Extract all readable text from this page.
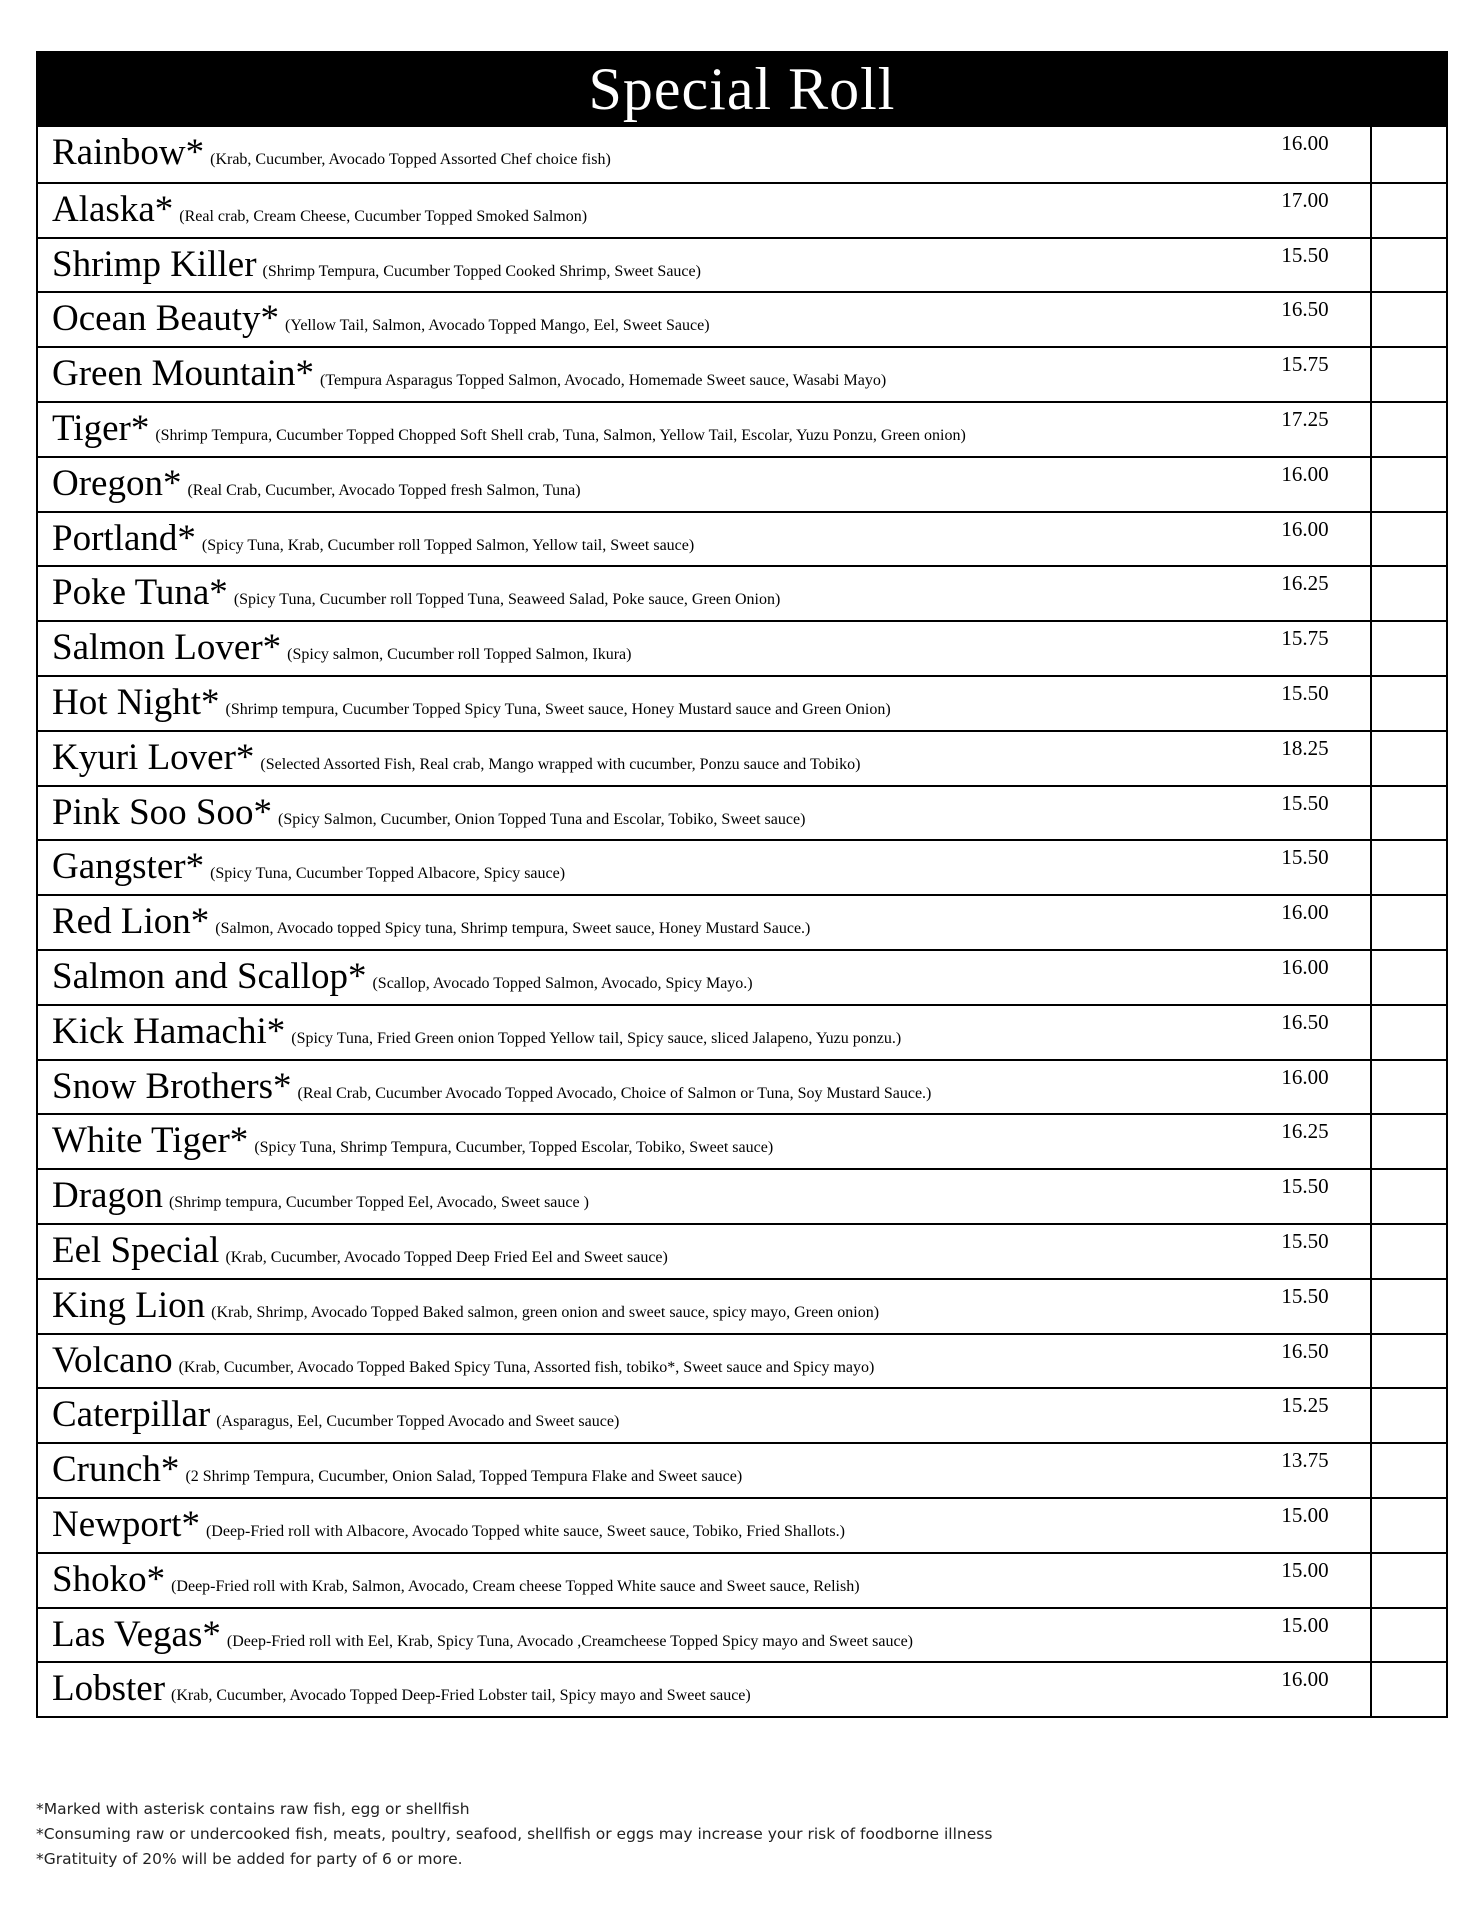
Special Roll
Rainbow* (Krab, Cucumber, Avocado Topped Assorted Chef choice fish)
16.00
Alaska* (Real crab, Cream Cheese, Cucumber Topped Smoked Salmon)
17.00
Shrimp Killer (Shrimp Tempura, Cucumber Topped Cooked Shrimp, Sweet Sauce)
15.50
Ocean Beauty* (Yellow Tail, Salmon, Avocado Topped Mango, Eel, Sweet Sauce)
16.50
Green Mountain* (Tempura Asparagus Topped Salmon, Avocado, Homemade Sweet sauce, Wasabi Mayo)
15.75
Tiger* (Shrimp Tempura, Cucumber Topped Chopped Soft Shell crab, Tuna, Salmon, Yellow Tail, Escolar, Yuzu Ponzu, Green onion)
17.25
Oregon* (Real Crab, Cucumber, Avocado Topped fresh Salmon, Tuna)
16.00
Portland* (Spicy Tuna, Krab, Cucumber roll Topped Salmon, Yellow tail, Sweet sauce)
16.00
Poke Tuna* (Spicy Tuna, Cucumber roll Topped Tuna, Seaweed Salad, Poke sauce, Green Onion)
16.25
Salmon Lover* (Spicy salmon, Cucumber roll Topped Salmon, Ikura)
15.75
Hot Night* (Shrimp tempura, Cucumber Topped Spicy Tuna, Sweet sauce, Honey Mustard sauce and Green Onion)
15.50
Kyuri Lover* (Selected Assorted Fish, Real crab, Mango wrapped with cucumber, Ponzu sauce and Tobiko)
18.25
Pink Soo Soo* (Spicy Salmon, Cucumber, Onion Topped Tuna and Escolar, Tobiko, Sweet sauce)
15.50
Gangster* (Spicy Tuna, Cucumber Topped Albacore, Spicy sauce)
15.50
Red Lion* (Salmon, Avocado topped Spicy tuna, Shrimp tempura, Sweet sauce, Honey Mustard Sauce.)
16.00
Salmon and Scallop* (Scallop, Avocado Topped Salmon, Avocado, Spicy Mayo.)
16.00
Kick Hamachi* (Spicy Tuna, Fried Green onion Topped Yellow tail, Spicy sauce, sliced Jalapeno, Yuzu ponzu.)
16.50
Snow Brothers* (Real Crab, Cucumber Avocado Topped Avocado, Choice of Salmon or Tuna, Soy Mustard Sauce.)
16.00
White Tiger* (Spicy Tuna, Shrimp Tempura, Cucumber, Topped Escolar, Tobiko, Sweet sauce)
16.25
Dragon (Shrimp tempura, Cucumber Topped Eel, Avocado, Sweet sauce )
15.50
Eel Special (Krab, Cucumber, Avocado Topped Deep Fried Eel and Sweet sauce)
15.50
King Lion (Krab, Shrimp, Avocado Topped Baked salmon, green onion and sweet sauce, spicy mayo, Green onion)
15.50
Volcano (Krab, Cucumber, Avocado Topped Baked Spicy Tuna, Assorted fish, tobiko*, Sweet sauce and Spicy mayo)
16.50
Caterpillar (Asparagus, Eel, Cucumber Topped Avocado and Sweet sauce)
15.25
Crunch* (2 Shrimp Tempura, Cucumber, Onion Salad, Topped Tempura Flake and Sweet sauce)
13.75
Newport* (Deep-Fried roll with Albacore, Avocado Topped white sauce, Sweet sauce, Tobiko, Fried Shallots.)
15.00
Shoko* (Deep-Fried roll with Krab, Salmon, Avocado, Cream cheese Topped White sauce and Sweet sauce, Relish)
15.00
Las Vegas* (Deep-Fried roll with Eel, Krab, Spicy Tuna, Avocado ,Creamcheese Topped Spicy mayo and Sweet sauce)
15.00
Lobster (Krab, Cucumber, Avocado Topped Deep-Fried Lobster tail, Spicy mayo and Sweet sauce)
16.00
*Marked with asterisk contains raw fish, egg or shellfish
*Consuming raw or undercooked fish, meats, poultry, seafood, shellfish or eggs may increase your risk of foodborne illness
*Gratituity of 20% will be added for party of 6 or more.
